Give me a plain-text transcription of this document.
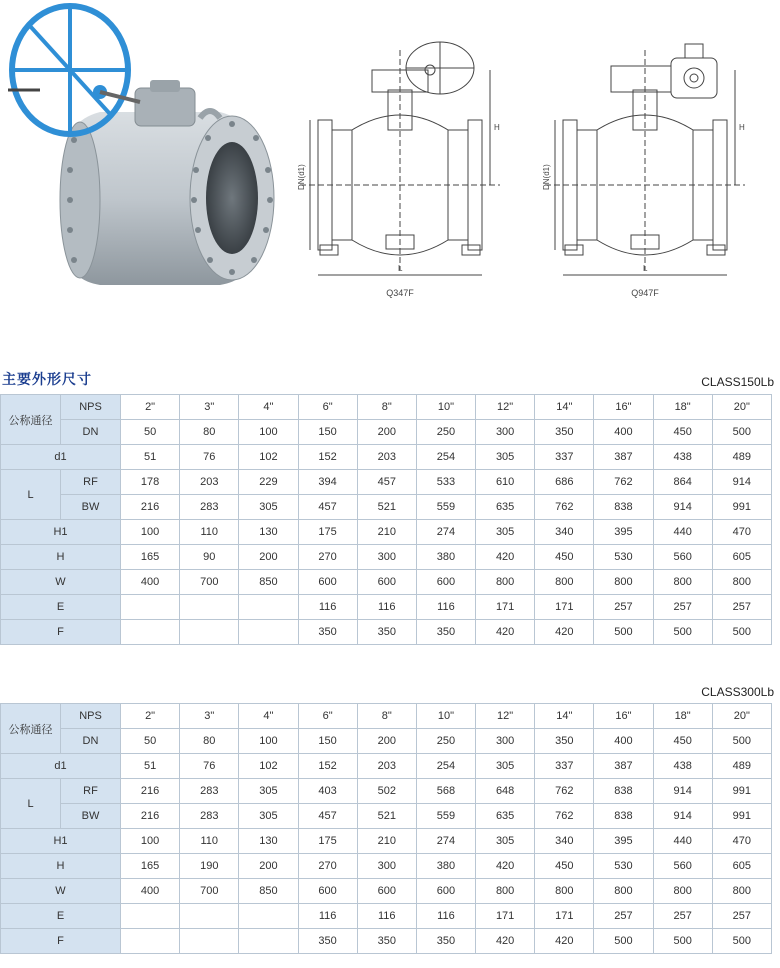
DN(d1)
H
L
Q347F
DN(d1)
H
L
Q947F
主要外形尺寸	CLASS150Lb
CLASS300Lb
公称通径	NPS	2"	3"	4"	6"	8"	10"	12"	14"	16"	18"	20"
	DN	50	80	100	150	200	250	300	350	400	450	500
d1		51	76	102	152	203	254	305	337	387	438	489
L	RF	178	203	229	394	457	533	610	686	762	864	914
	BW	216	283	305	457	521	559	635	762	838	914	991
H1		100	110	130	175	210	274	305	340	395	440	470
H		165	90	200	270	300	380	420	450	530	560	605
W		400	700	850	600	600	600	800	800	800	800	800
E					116	116	116	171	171	257	257	257
F					350	350	350	420	420	500	500	500
公称通径	NPS	2"	3"	4"	6"	8"	10"	12"	14"	16"	18"	20"
	DN	50	80	100	150	200	250	300	350	400	450	500
d1		51	76	102	152	203	254	305	337	387	438	489
L	RF	216	283	305	403	502	568	648	762	838	914	991
	BW	216	283	305	457	521	559	635	762	838	914	991
H1		100	110	130	175	210	274	305	340	395	440	470
H		165	190	200	270	300	380	420	450	530	560	605
W		400	700	850	600	600	600	800	800	800	800	800
E					116	116	116	171	171	257	257	257
F					350	350	350	420	420	500	500	500
